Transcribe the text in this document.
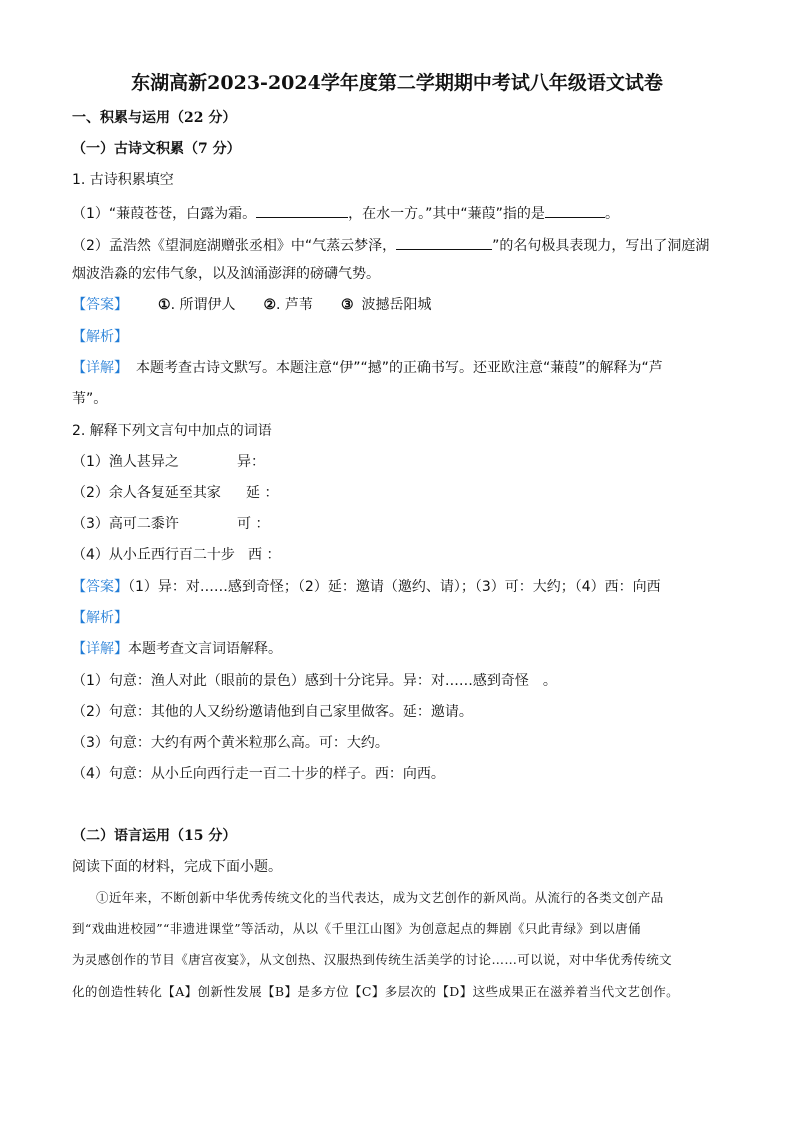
东湖高新2023-2024学年度第二学期期中考试八年级语文试卷
一、积累与运用（22 分）
（一）古诗文积累（7 分）
1. 古诗积累填空
（1）“蒹葭苍苍，白露为霜。	，在水一方。”其中“蒹葭”指的是	。
（2）孟浩然《望洞庭湖赠张丞相》中“气蒸云梦泽，	”的名句极具表现力，写出了洞庭湖
烟波浩淼的宏伟气象，以及汹涌澎湃的磅礴气势。
【答案】 ①. 所谓伊人 ②. 芦苇 ③ 波撼岳阳城
【解析】
【详解】 本题考查古诗文默写。本题注意“伊”“撼”的正确书写。还亚欧注意“蒹葭”的解释为“芦
苇”。
2. 解释下列文言句中加点的词语
（1）渔人甚异之	异：
（2）余人各复延至其家 延 ：
（3）高可二黍许	可 ：
（4）从小丘西行百二十步 西 ：
【答案】（1）异：对……感到奇怪；（2）延：邀请（邀约、请）；（3）可：大约；（4）西：向西
【解析】
【详解】本题考查文言词语解释。
（1）句意：渔人对此（眼前的景色）感到十分诧异。异：对……感到奇怪　。
（2）句意：其他的人又纷纷邀请他到自己家里做客。延：邀请。
（3）句意：大约有两个黄米粒那么高。可：大约。
（4）句意：从小丘向西行走一百二十步的样子。西：向西。
（二）语言运用（15 分）
阅读下面的材料，完成下面小题。
①近年来，不断创新中华优秀传统文化的当代表达，成为文艺创作的新风尚。从流行的各类文创产品
到“戏曲进校园”“非遗进课堂”等活动，从以《千里江山图》为创意起点的舞剧《只此青绿》到以唐俑
为灵感创作的节目《唐宫夜宴》，从文创热、汉服热到传统生活美学的讨论……可以说，对中华优秀传统文
化的创造性转化【A】创新性发展【B】是多方位【C】多层次的【D】这些成果正在滋养着当代文艺创作。
